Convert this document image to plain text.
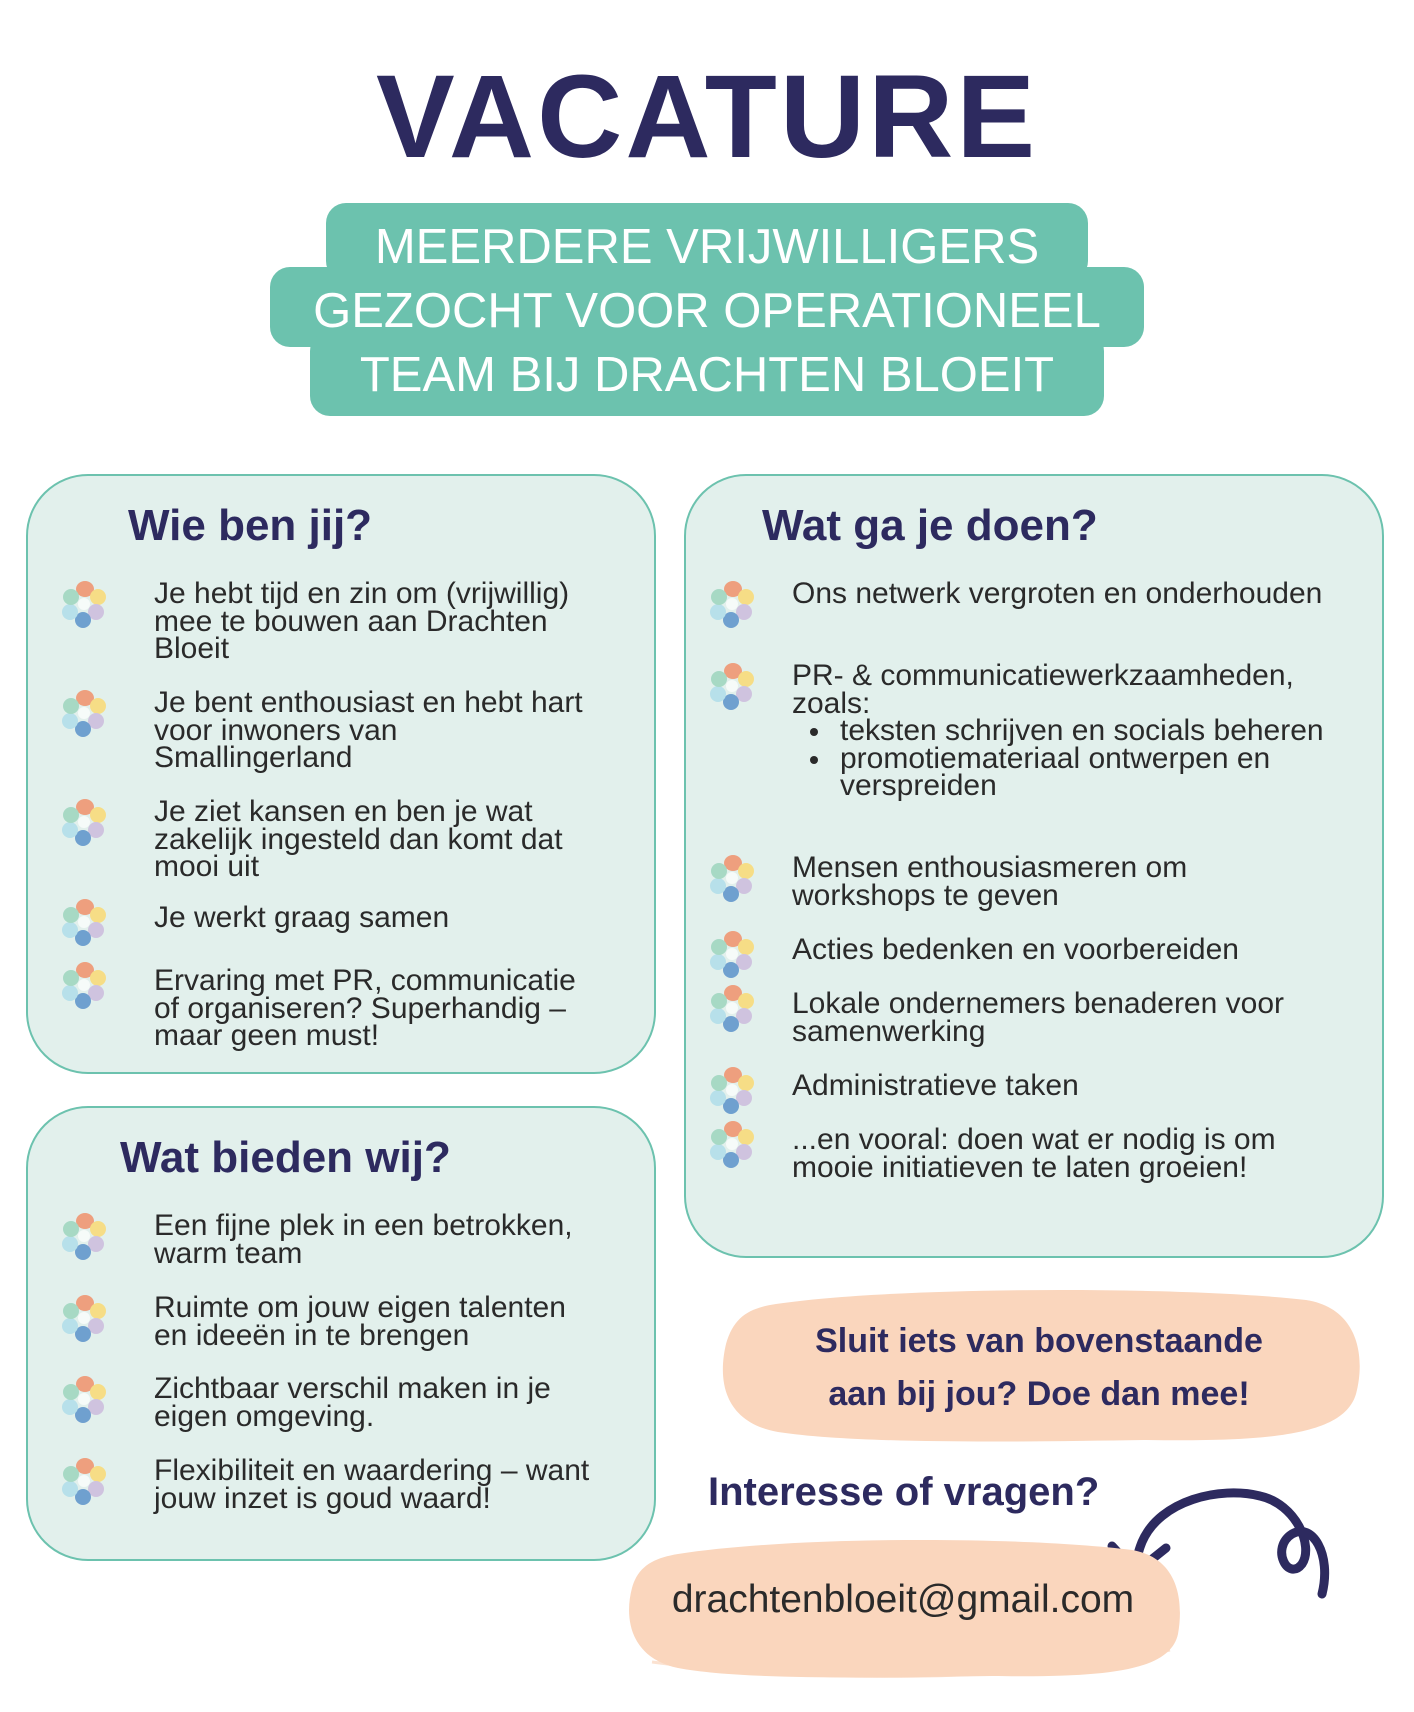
VACATURE
MEERDERE VRIJWILLIGERS
GEZOCHT VOOR OPERATIONEEL
TEAM BIJ DRACHTEN BLOEIT
Wie ben jij?
Je hebt tijd en zin om (vrijwillig) mee te bouwen aan Drachten Bloeit
Je bent enthousiast en hebt hart voor inwoners van Smallingerland
Je ziet kansen en ben je wat zakelijk ingesteld dan komt dat mooi uit
Je werkt graag samen
Ervaring met PR, communicatie of organiseren? Superhandig – maar geen must!
Wat bieden wij?
Een fijne plek in een betrokken, warm team
Ruimte om jouw eigen talenten en ideeën in te brengen
Zichtbaar verschil maken in je eigen omgeving.
Flexibiliteit en waardering – want jouw inzet is goud waard!
Wat ga je doen?
Ons netwerk vergroten en onderhouden
PR- & communicatiewerkzaamheden, zoals:
teksten schrijven en socials beheren
promotiemateriaal ontwerpen en verspreiden
Mensen enthousiasmeren om workshops te geven
Acties bedenken en voorbereiden
Lokale ondernemers benaderen voor samenwerking
Administratieve taken
...en vooral: doen wat er nodig is om mooie initiatieven te laten groeien!
Sluit iets van bovenstaande
aan bij jou? Doe dan mee!
Interesse of vragen?
drachtenbloeit@gmail.com
